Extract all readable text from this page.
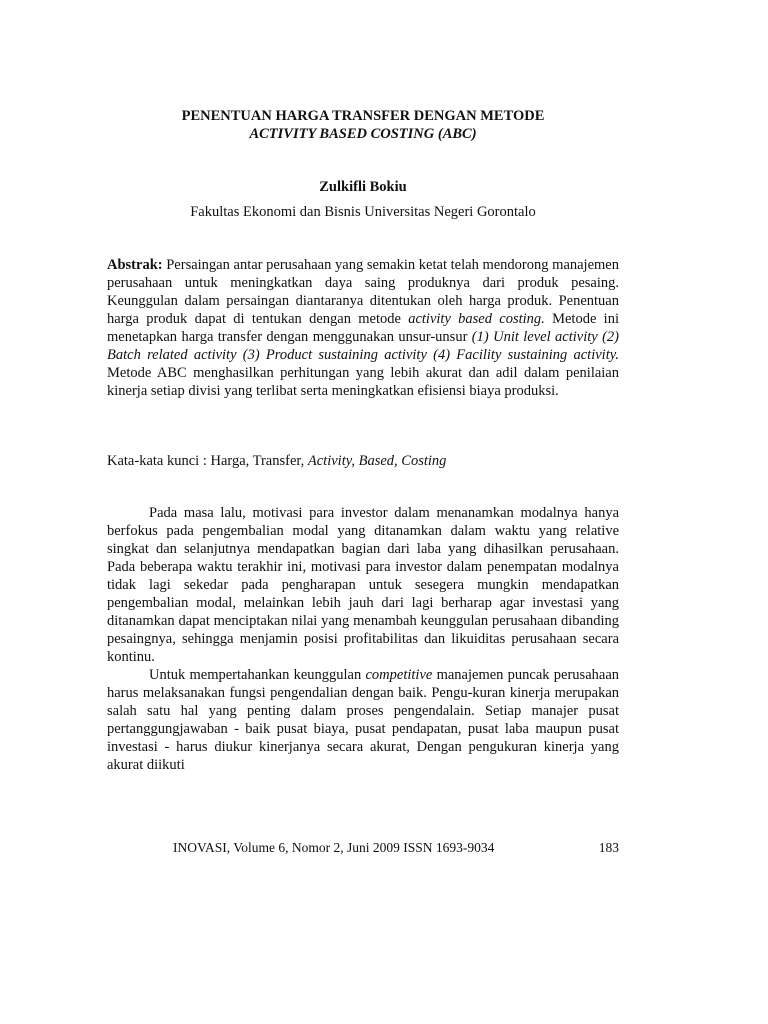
PENENTUAN HARGA TRANSFER DENGAN METODE
ACTIVITY BASED COSTING (ABC)
Zulkifli Bokiu
Fakultas Ekonomi dan Bisnis Universitas Negeri Gorontalo
Abstrak: Persaingan antar perusahaan yang semakin ketat telah mendorong manajemen perusahaan untuk meningkatkan daya saing produknya dari produk pesaing. Keunggulan dalam persaingan diantaranya ditentukan oleh harga produk. Penentuan harga produk dapat di tentukan dengan metode activity based costing. Metode ini menetapkan harga transfer dengan menggunakan unsur-unsur (1) Unit level activity (2) Batch related activity (3) Product sustaining activity (4) Facility sustaining activity. Metode ABC menghasilkan perhitungan yang lebih akurat dan adil dalam penilaian kinerja setiap divisi yang terlibat serta meningkatkan efisiensi biaya produksi.
Kata-kata kunci : Harga, Transfer, Activity, Based, Costing

Pada masa lalu, motivasi para investor dalam menanamkan modalnya hanya berfokus pada pengembalian modal yang ditanamkan dalam waktu yang relative singkat dan selanjutnya mendapatkan bagian dari laba yang dihasilkan perusahaan. Pada beberapa waktu terakhir ini, motivasi para investor dalam penempatan modalnya tidak lagi sekedar pada pengharapan untuk sesegera mungkin mendapatkan pengembalian modal, melainkan lebih jauh dari lagi berharap agar investasi yang ditanamkan dapat menciptakan nilai yang menambah keunggulan perusahaan dibanding pesaingnya, sehingga menjamin posisi profitabilitas dan likuiditas perusahaan secara kontinu.

Untuk mempertahankan keunggulan competitive manajemen puncak perusahaan harus melaksanakan fungsi pengendalian dengan baik. Pengu-kuran kinerja merupakan salah satu hal yang penting dalam proses pengendalain. Setiap manajer pusat pertanggungjawaban - baik pusat biaya, pusat pendapatan, pusat laba maupun pusat investasi - harus diukur kinerjanya secara akurat, Dengan pengukuran kinerja yang akurat diikuti

INOVASI, Volume 6, Nomor 2, Juni 2009 ISSN 1693-9034	183
